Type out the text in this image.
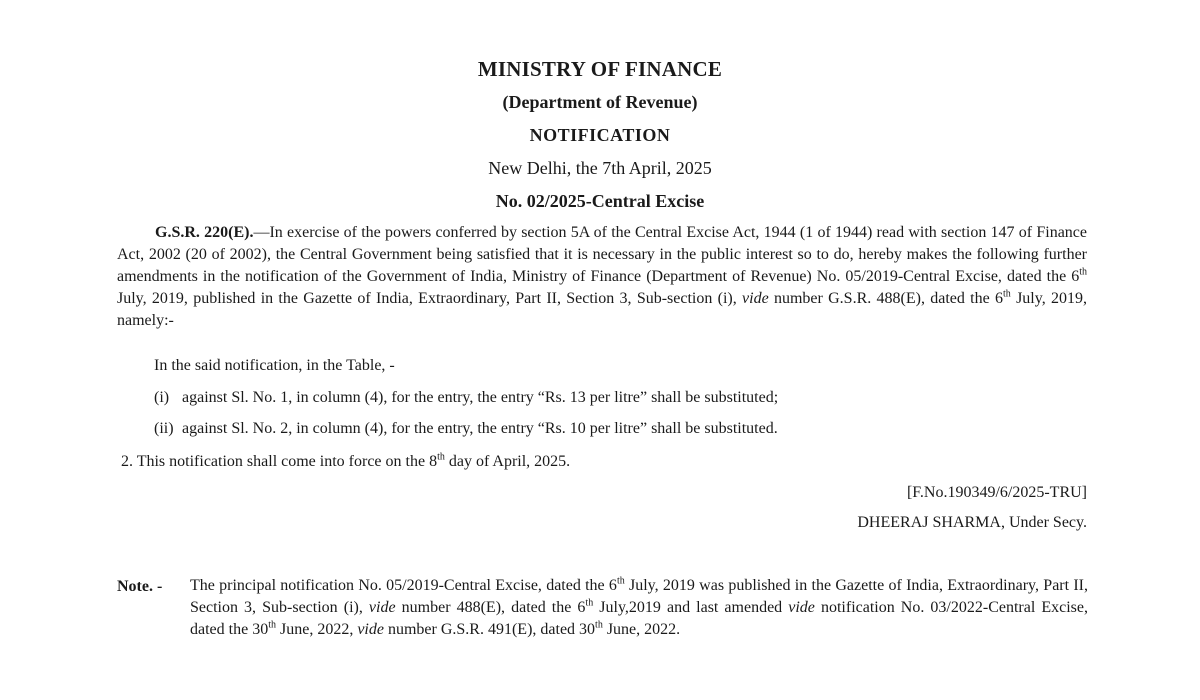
MINISTRY OF FINANCE
(Department of Revenue)
NOTIFICATION
New Delhi, the 7th April, 2025
No. 02/2025-Central Excise
G.S.R. 220(E).—In exercise of the powers conferred by section 5A of the Central Excise Act, 1944 (1 of 1944) read with section 147 of Finance Act, 2002 (20 of 2002), the Central Government being satisfied that it is necessary in the public interest so to do, hereby makes the following further amendments in the notification of the Government of India, Ministry of Finance (Department of Revenue) No. 05/2019-Central Excise, dated the 6th July, 2019, published in the Gazette of India, Extraordinary, Part II, Section 3, Sub-section (i), vide number G.S.R. 488(E), dated the 6th July, 2019, namely:-
In the said notification, in the Table, -
(i) against Sl. No. 1, in column (4), for the entry, the entry “Rs. 13 per litre” shall be substituted;
(ii) against Sl. No. 2, in column (4), for the entry, the entry “Rs. 10 per litre” shall be substituted.
2. This notification shall come into force on the 8th day of April, 2025.
[F.No.190349/6/2025-TRU]
DHEERAJ SHARMA, Under Secy.
Note. - The principal notification No. 05/2019-Central Excise, dated the 6th July, 2019 was published in the Gazette of India, Extraordinary, Part II, Section 3, Sub-section (i), vide number 488(E), dated the 6th July,2019 and last amended vide notification No. 03/2022-Central Excise, dated the 30th June, 2022, vide number G.S.R. 491(E), dated 30th June, 2022.
